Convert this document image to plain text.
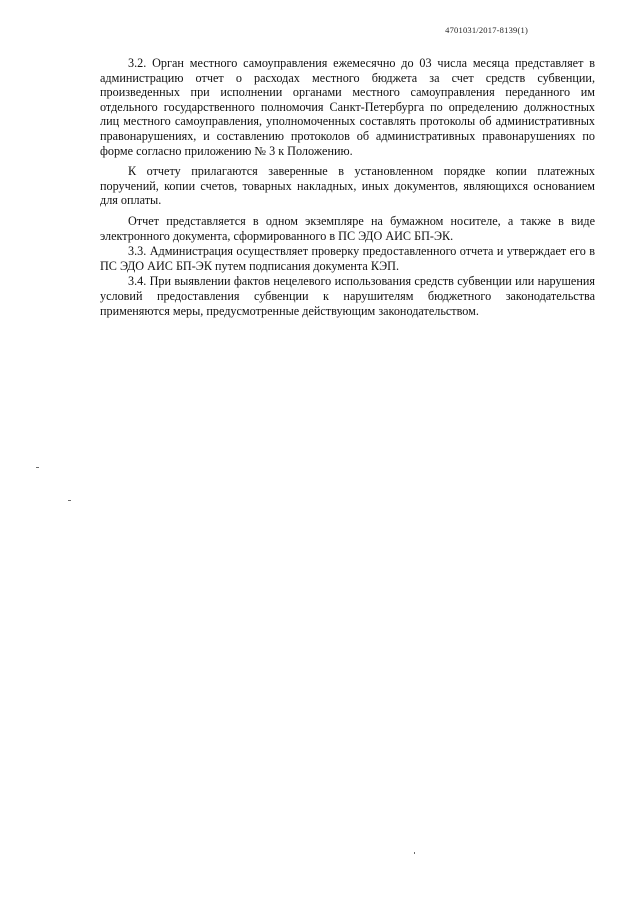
4701031/2017-8139(1)

3.2. Орган местного самоуправления ежемесячно до 03 числа месяца представляет в администрацию отчет о расходах местного бюджета за счет средств субвенции, произведенных при исполнении органами местного самоуправления переданного им отдельного государственного полномочия Санкт-Петербурга по определению должностных лиц местного самоуправления, уполномоченных составлять протоколы об административных правонарушениях, и составлению протоколов об административных правонарушениях по форме согласно приложению № 3 к Положению.

К отчету прилагаются заверенные в установленном порядке копии платежных поручений, копии счетов, товарных накладных, иных документов, являющихся основанием для оплаты.

Отчет представляется в одном экземпляре на бумажном носителе, а также в виде электронного документа, сформированного в ПС ЭДО АИС БП-ЭК.

3.3. Администрация осуществляет проверку предоставленного отчета и утверждает его в ПС ЭДО АИС БП-ЭК путем подписания документа КЭП.

3.4. При выявлении фактов нецелевого использования средств субвенции или нарушения условий предоставления субвенции к нарушителям бюджетного законодательства применяются меры, предусмотренные действующим законодательством.
